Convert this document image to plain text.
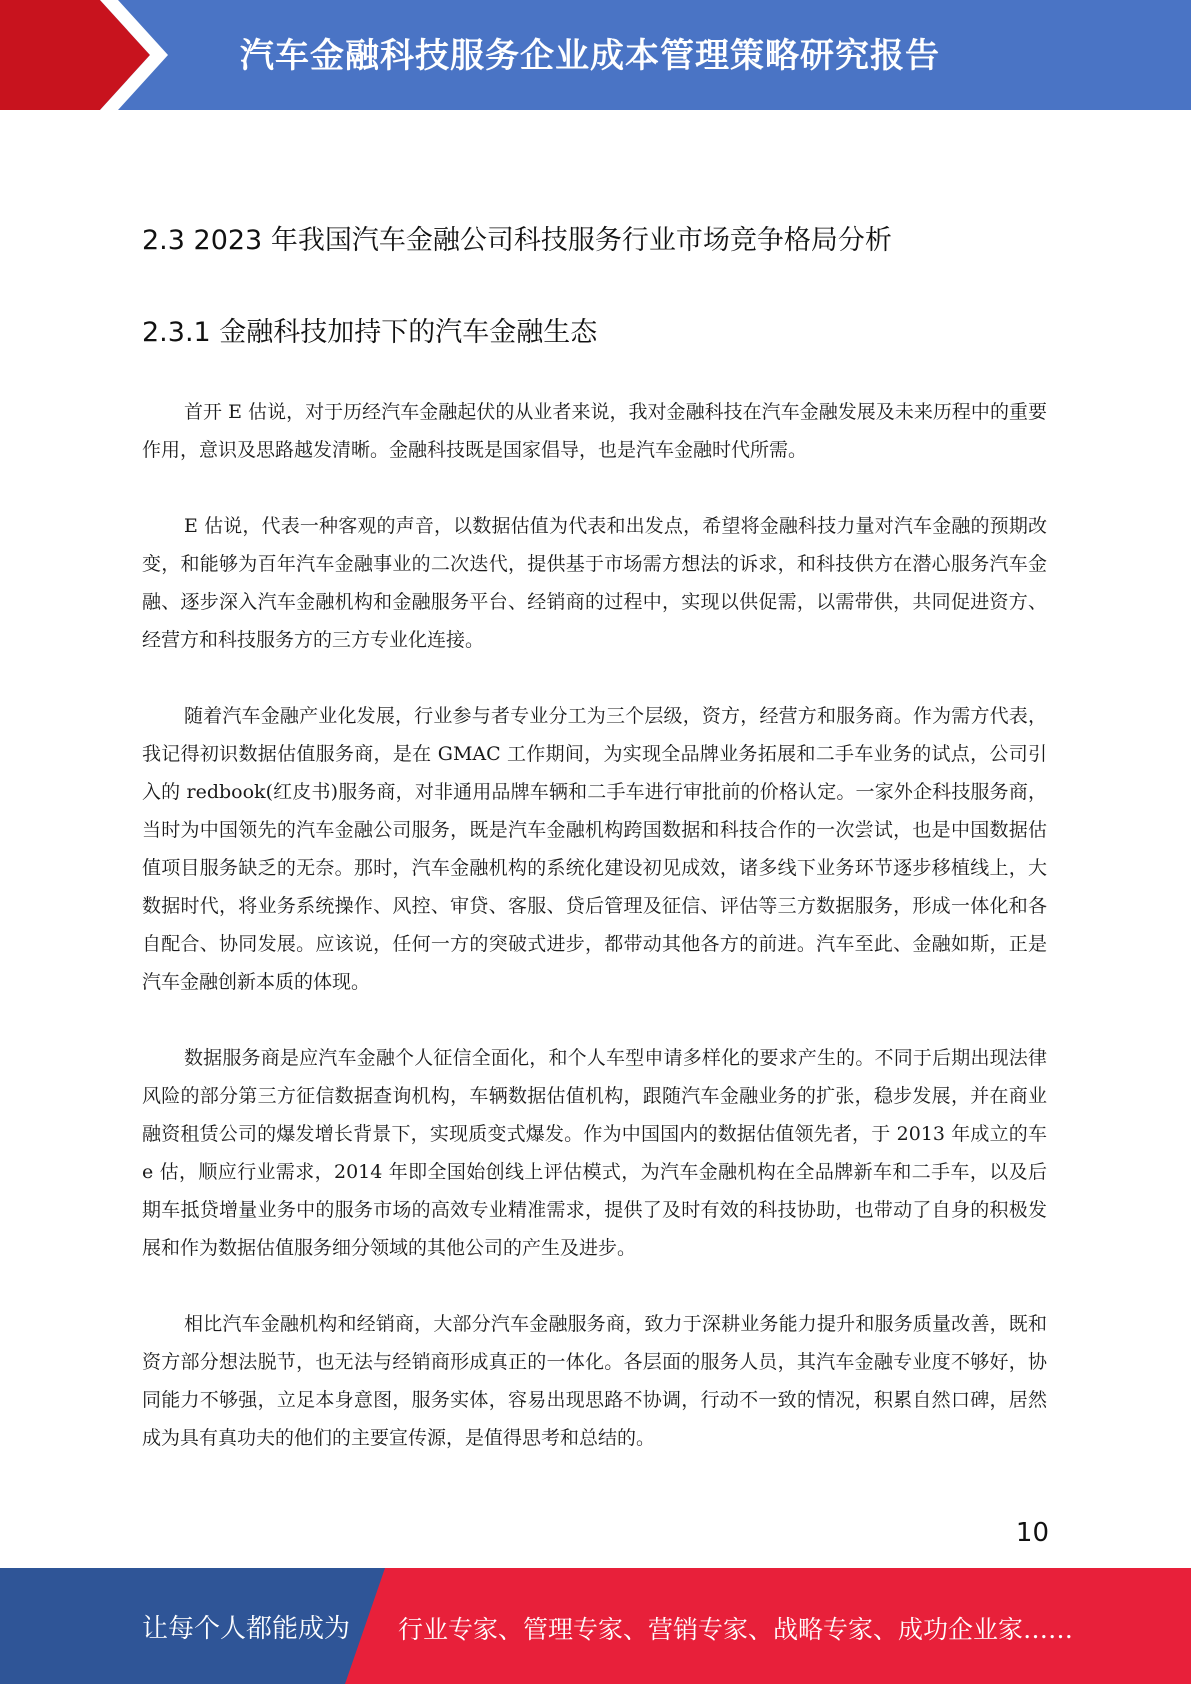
汽车金融科技服务企业成本管理策略研究报告
2.3 2023 年我国汽车金融公司科技服务行业市场竞争格局分析
2.3.1 金融科技加持下的汽车金融生态

首开 E 估说，对于历经汽车金融起伏的从业者来说，我对金融科技在汽车金融发展及未来历程中的重要作用，意识及思路越发清晰。金融科技既是国家倡导，也是汽车金融时代所需。

E 估说，代表一种客观的声音，以数据估值为代表和出发点，希望将金融科技力量对汽车金融的预期改变，和能够为百年汽车金融事业的二次迭代，提供基于市场需方想法的诉求，和科技供方在潜心服务汽车金融、逐步深入汽车金融机构和金融服务平台、经销商的过程中，实现以供促需，以需带供，共同促进资方、经营方和科技服务方的三方专业化连接。

随着汽车金融产业化发展，行业参与者专业分工为三个层级，资方，经营方和服务商。作为需方代表，我记得初识数据估值服务商，是在 GMAC 工作期间，为实现全品牌业务拓展和二手车业务的试点，公司引入的 redbook(红皮书)服务商，对非通用品牌车辆和二手车进行审批前的价格认定。一家外企科技服务商，当时为中国领先的汽车金融公司服务，既是汽车金融机构跨国数据和科技合作的一次尝试，也是中国数据估值项目服务缺乏的无奈。那时，汽车金融机构的系统化建设初见成效，诸多线下业务环节逐步移植线上，大数据时代，将业务系统操作、风控、审贷、客服、贷后管理及征信、评估等三方数据服务，形成一体化和各自配合、协同发展。应该说，任何一方的突破式进步，都带动其他各方的前进。汽车至此、金融如斯，正是汽车金融创新本质的体现。

数据服务商是应汽车金融个人征信全面化，和个人车型申请多样化的要求产生的。不同于后期出现法律风险的部分第三方征信数据查询机构，车辆数据估值机构，跟随汽车金融业务的扩张，稳步发展，并在商业融资租赁公司的爆发增长背景下，实现质变式爆发。作为中国国内的数据估值领先者，于 2013 年成立的车 e 估，顺应行业需求，2014 年即全国始创线上评估模式，为汽车金融机构在全品牌新车和二手车，以及后期车抵贷增量业务中的服务市场的高效专业精准需求，提供了及时有效的科技协助，也带动了自身的积极发展和作为数据估值服务细分领域的其他公司的产生及进步。

相比汽车金融机构和经销商，大部分汽车金融服务商，致力于深耕业务能力提升和服务质量改善，既和资方部分想法脱节，也无法与经销商形成真正的一体化。各层面的服务人员，其汽车金融专业度不够好，协同能力不够强，立足本身意图，服务实体，容易出现思路不协调，行动不一致的情况，积累自然口碑，居然成为具有真功夫的他们的主要宣传源，是值得思考和总结的。

10
让每个人都能成为 行业专家、管理专家、营销专家、战略专家、成功企业家……
